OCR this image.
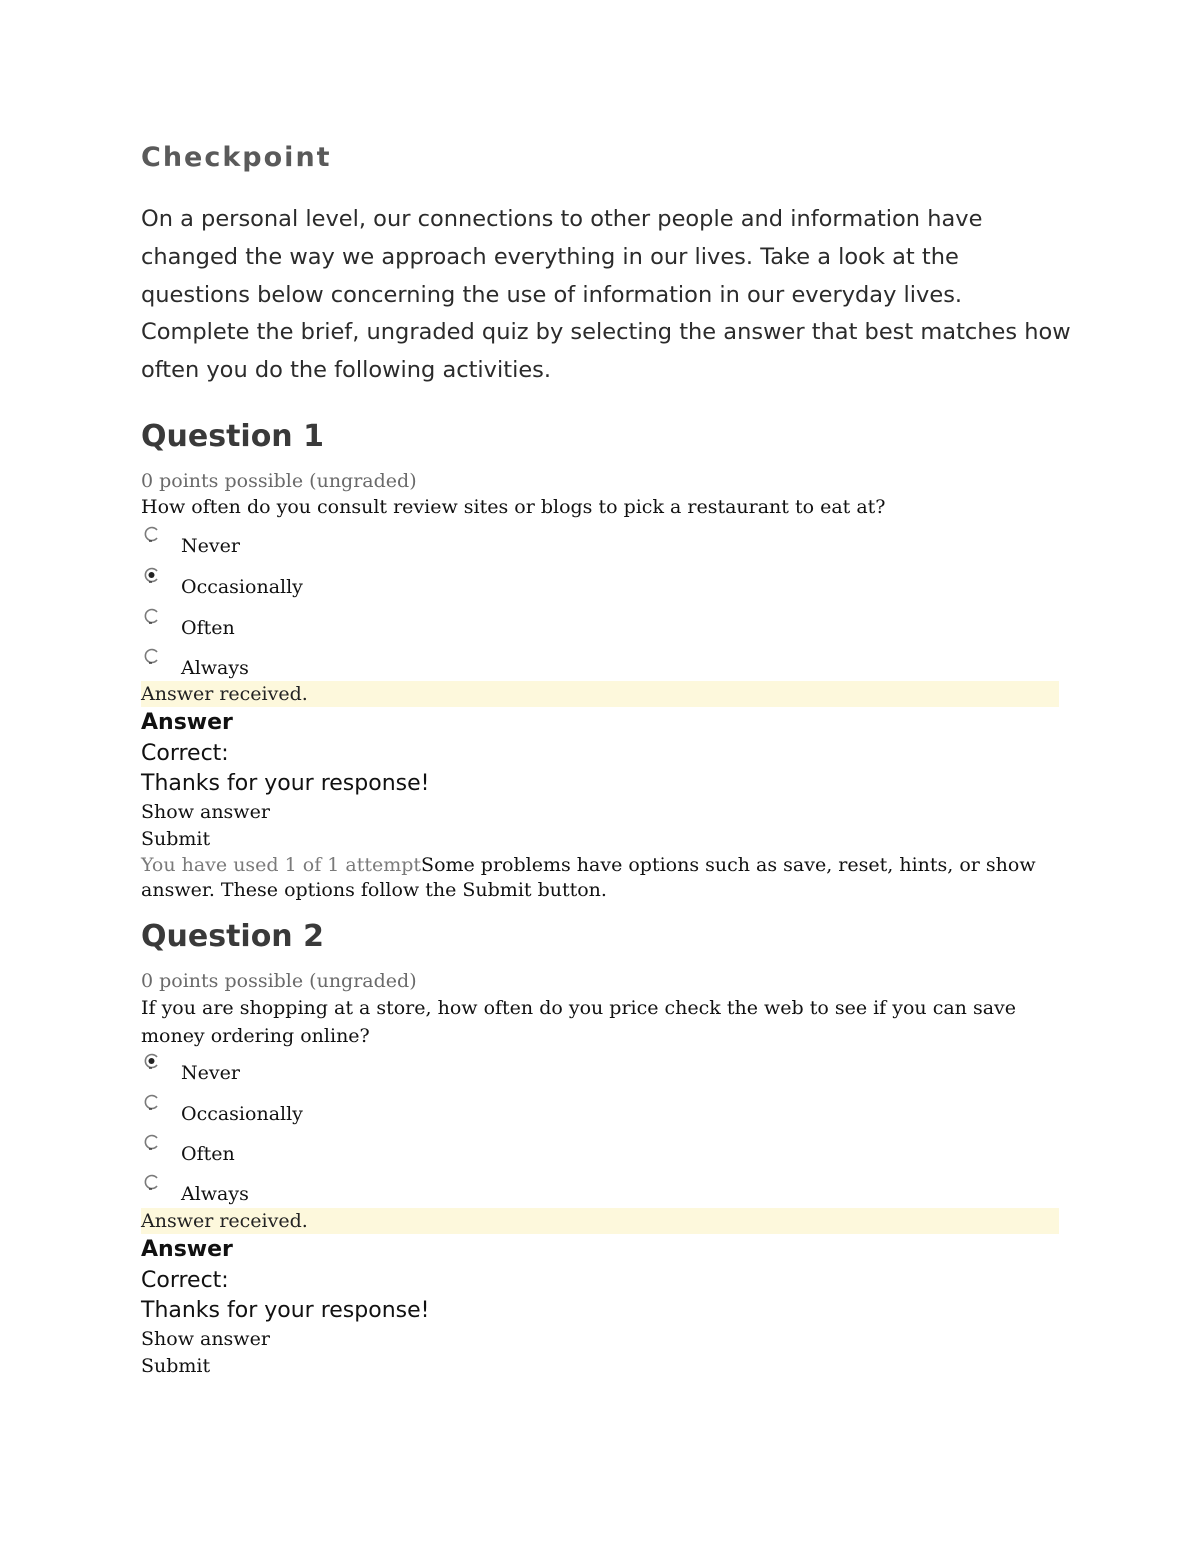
Checkpoint

On a personal level, our connections to other people and information have changed the way we approach everything in our lives. Take a look at the questions below concerning the use of information in our everyday lives. Complete the brief, ungraded quiz by selecting the answer that best matches how often you do the following activities.

Question 1
0 points possible (ungraded)
How often do you consult review sites or blogs to pick a restaurant to eat at?
Never
Occasionally
Often
Always
Answer received.
Answer
Correct:
Thanks for your response!
Show answer
Submit
You have used 1 of 1 attemptSome problems have options such as save, reset, hints, or show answer. These options follow the Submit button.
Question 2
0 points possible (ungraded)
If you are shopping at a store, how often do you price check the web to see if you can save money ordering online?
Never
Occasionally
Often
Always
Answer received.
Answer
Correct:
Thanks for your response!
Show answer
Submit
